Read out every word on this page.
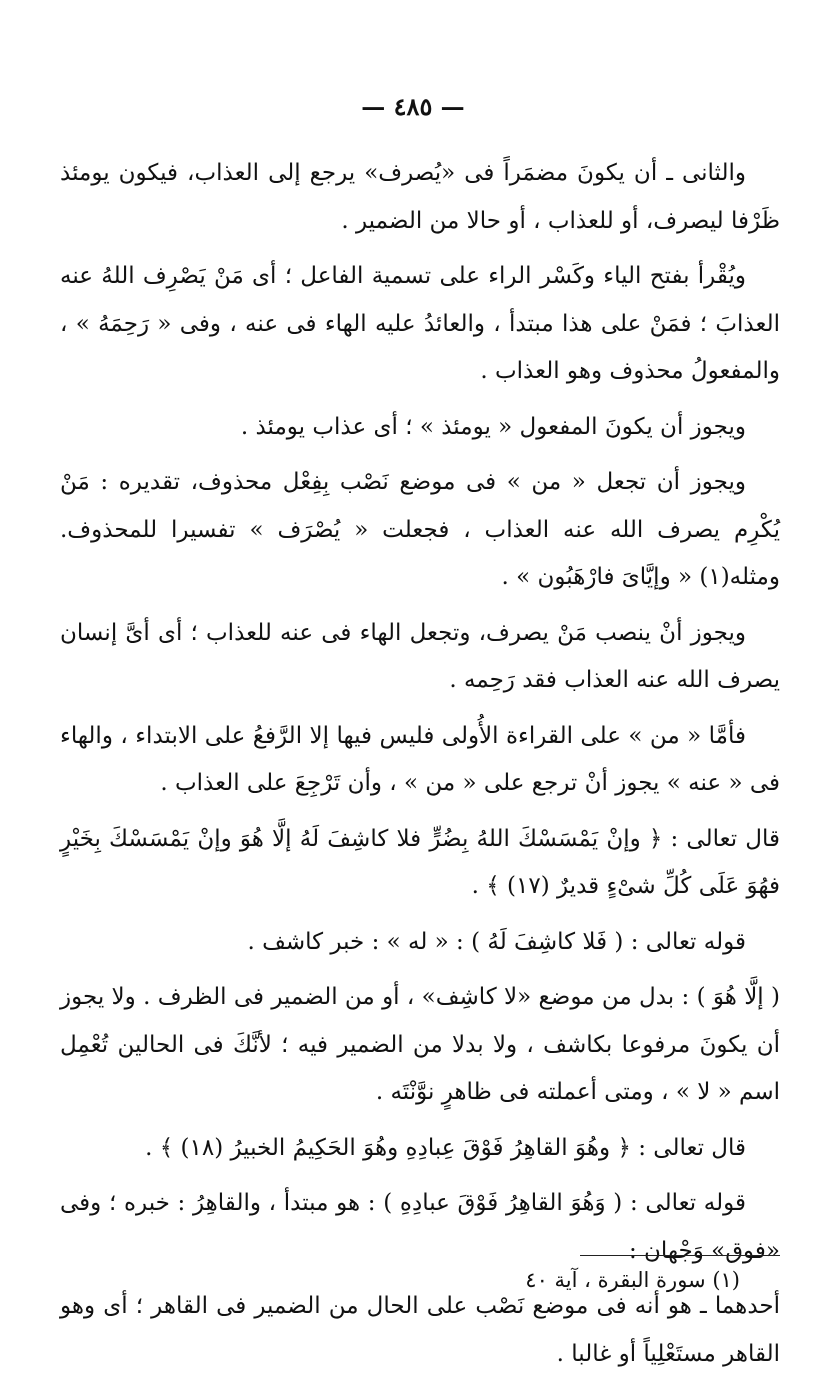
— ٤٨٥ —

والثانى ـ أن يكونَ مضمَراً فى «يُصرف» يرجع إلى العذاب، فيكون يومئذ ظَرْفا ليصرف، أو للعذاب ، أو حالا من الضمير .

ويُقْرأ بفتح الياء وكَسْر الراء على تسمية الفاعل ؛ أى مَنْ يَصْرِف اللهُ عنه العذابَ ؛ فمَنْ على هذا مبتدأ ، والعائدُ عليه الهاء فى عنه ، وفى « رَحِمَهُ » ، والمفعولُ محذوف وهو العذاب .

ويجوز أن يكونَ المفعول « يومئذ » ؛ أى عذاب يومئذ .

ويجوز أن تجعل « من » فى موضع نَصْب بِفِعْل محذوف، تقديره : مَنْ يُكْرِم يصرف الله عنه العذاب ، فجعلت « يُصْرَف » تفسيرا للمحذوف. ومثله(١) « وإيَّاىَ فارْهَبُون » .

ويجوز أنْ ينصب مَنْ يصرف، وتجعل الهاء فى عنه للعذاب ؛ أى أىَّ إنسان يصرف الله عنه العذاب فقد رَحِمه .

فأمَّا « من » على القراءة الأُولى فليس فيها إلا الرَّفعُ على الابتداء ، والهاء فى « عنه » يجوز أنْ ترجع على « من » ، وأن تَرْجِعَ على العذاب .

قال تعالى : ﴿ وإنْ يَمْسَسْكَ اللهُ بِضُرٍّ فلا كاشِفَ لَهُ إلَّا هُوَ وإنْ يَمْسَسْكَ بِخَيْرٍ فهُوَ عَلَى كُلِّ شىْءٍ قديرٌ (١٧) ﴾ .

قوله تعالى : ( فَلا كاشِفَ لَهُ ) : « له » : خبر كاشف .

( إلَّا هُوَ ) : بدل من موضع «لا كاشِف» ، أو من الضمير فى الظرف . ولا يجوز أن يكونَ مرفوعا بكاشف ، ولا بدلا من الضمير فيه ؛ لأنَّكَ فى الحالين تُعْمِل اسم « لا » ، ومتى أعملته فى ظاهرٍ نوَّنْتَه .

قال تعالى : ﴿ وهُوَ القاهِرُ فَوْقَ عِبادِهِ وهُوَ الحَكِيمُ الخبيرُ (١٨) ﴾ .

قوله تعالى : ( وَهُوَ القاهِرُ فَوْقَ عبادِهِ ) : هو مبتدأ ، والقاهِرُ : خبره ؛ وفى «فوق» وَجْهان :

أحدهما ـ هو أنه فى موضع نَصْب على الحال من الضمير فى القاهر ؛ أى وهو القاهر مستَعْلِياً أو غالبا .

(١) سورة البقرة ، آية ٤٠
